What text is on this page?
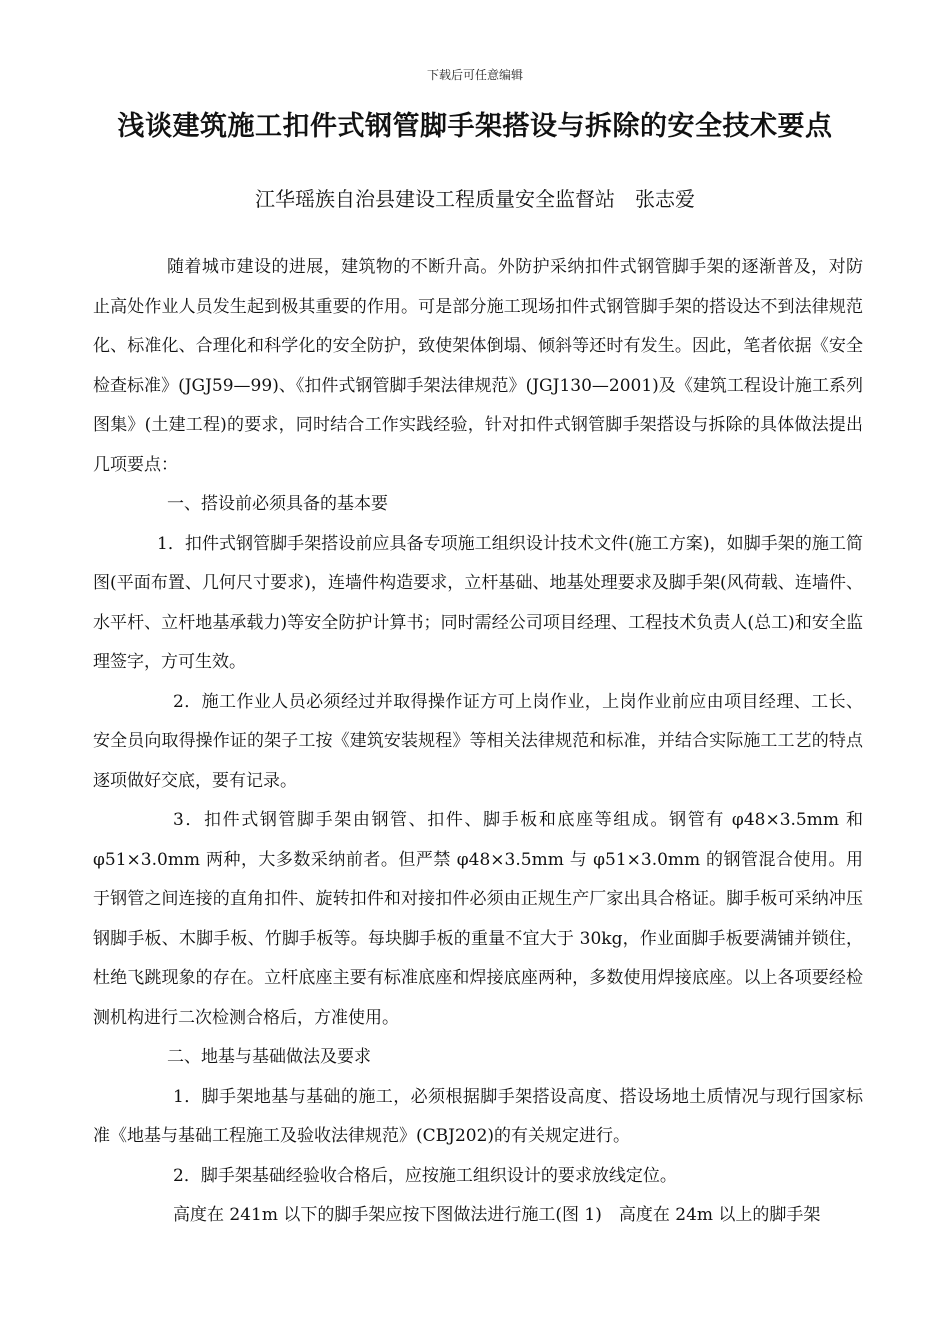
下载后可任意编辑
浅谈建筑施工扣件式钢管脚手架搭设与拆除的安全技术要点
江华瑶族自治县建设工程质量安全监督站　张志爱

随着城市建设的进展，建筑物的不断升高。外防护采纳扣件式钢管脚手架的逐渐普及，对防止高处作业人员发生起到极其重要的作用。可是部分施工现场扣件式钢管脚手架的搭设达不到法律规范化、标准化、合理化和科学化的安全防护，致使架体倒塌、倾斜等还时有发生。因此，笔者依据《安全检查标准》(JGJ59—99)、《扣件式钢管脚手架法律规范》(JGJ130—2001)及《建筑工程设计施工系列图集》(土建工程)的要求，同时结合工作实践经验，针对扣件式钢管脚手架搭设与拆除的具体做法提出几项要点：

一、搭设前必须具备的基本要

1．扣件式钢管脚手架搭设前应具备专项施工组织设计技术文件(施工方案)，如脚手架的施工简图(平面布置、几何尺寸要求)，连墙件构造要求，立杆基础、地基处理要求及脚手架(风荷载、连墙件、水平杆、立杆地基承载力)等安全防护计算书；同时需经公司项目经理、工程技术负责人(总工)和安全监理签字，方可生效。

2．施工作业人员必须经过并取得操作证方可上岗作业，上岗作业前应由项目经理、工长、安全员向取得操作证的架子工按《建筑安装规程》等相关法律规范和标准，并结合实际施工工艺的特点逐项做好交底，要有记录。

3．扣件式钢管脚手架由钢管、扣件、脚手板和底座等组成。钢管有 φ48×3.5mm 和 φ51×3.0mm 两种，大多数采纳前者。但严禁 φ48×3.5mm 与 φ51×3.0mm 的钢管混合使用。用于钢管之间连接的直角扣件、旋转扣件和对接扣件必须由正规生产厂家出具合格证。脚手板可采纳冲压钢脚手板、木脚手板、竹脚手板等。每块脚手板的重量不宜大于 30kg，作业面脚手板要满铺并锁住，杜绝飞跳现象的存在。立杆底座主要有标准底座和焊接底座两种，多数使用焊接底座。以上各项要经检测机构进行二次检测合格后，方准使用。

二、地基与基础做法及要求

1．脚手架地基与基础的施工，必须根据脚手架搭设高度、搭设场地土质情况与现行国家标准《地基与基础工程施工及验收法律规范》(CBJ202)的有关规定进行。

2．脚手架基础经验收合格后，应按施工组织设计的要求放线定位。

高度在 241m 以下的脚手架应按下图做法进行施工(图 1)　高度在 24m 以上的脚手架
